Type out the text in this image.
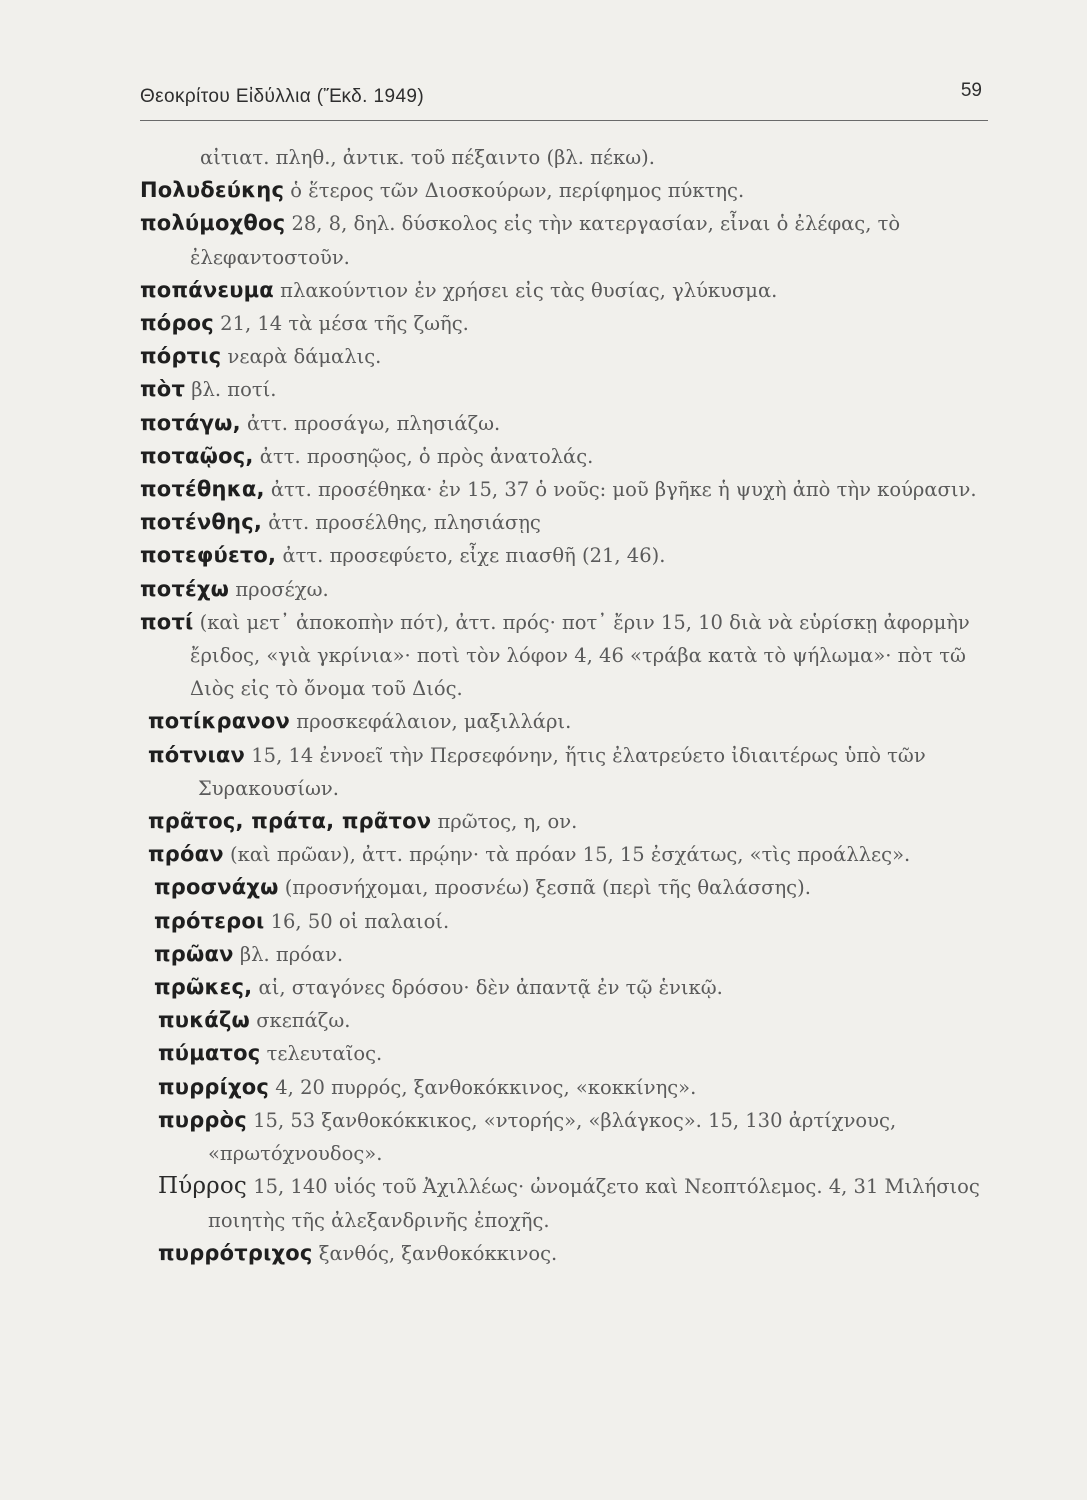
Θεοκρίτου Εἰδύλλια (Ἔκδ. 1949)	59
αἰτιατ. πληθ., ἀντικ. τοῦ πέξαιντο (βλ. πέκω).
Πολυδεύκης ὁ ἕτερος τῶν Διοσκούρων, περίφημος πύκτης.
πολύμοχθος 28, 8, δηλ. δύσκολος εἰς τὴν κατεργασίαν, εἶναι ὁ ἐλέφας, τὸ ἐλεφαντοστοῦν.
ποπάνευμα πλακούντιον ἐν χρήσει εἰς τὰς θυσίας, γλύκυσμα.
πόρος 21, 14 τὰ μέσα τῆς ζωῆς.
πόρτις νεαρὰ δάμαλις.
πὸτ βλ. ποτί.
ποτάγω, ἀττ. προσάγω, πλησιάζω.
ποταῷος, ἀττ. προσηῷος, ὁ πρὸς ἀνατολάς.
ποτέθηκα, ἀττ. προσέθηκα· ἐν 15, 37 ὁ νοῦς: μοῦ βγῆκε ἡ ψυχὴ ἀπὸ τὴν κούρασιν.
ποτένθης, ἀττ. προσέλθης, πλησιάσῃς
ποτεφύετο, ἀττ. προσεφύετο, εἶχε πιασθῆ (21, 46).
ποτέχω προσέχω.
ποτί (καὶ μετ᾿ ἀποκοπὴν πότ), ἀττ. πρός· ποτ᾿ ἔριν 15, 10 διὰ νὰ εὑρίσκῃ ἀφορμὴν ἔριδος, «γιὰ γκρίνια»· ποτὶ τὸν λόφον 4, 46 «τράβα κατὰ τὸ ψήλωμα»· πὸτ τῶ Διὸς εἰς τὸ ὄνομα τοῦ Διός.
ποτίκρανον προσκεφάλαιον, μαξιλλάρι.
πότνιαν 15, 14 ἐννοεῖ τὴν Περσεφόνην, ἥτις ἐλατρεύετο ἰδιαιτέρως ὑπὸ τῶν Συρακουσίων.
πρᾶτος, πράτα, πρᾶτον πρῶτος, η, ον.
πρόαν (καὶ πρῶαν), ἀττ. πρῴην· τὰ πρόαν 15, 15 ἐσχάτως, «τὶς προάλλες».
προσνάχω (προσνήχομαι, προσνέω) ξεσπᾶ (περὶ τῆς θαλάσσης).
πρότεροι 16, 50 οἱ παλαιοί.
πρῶαν βλ. πρόαν.
πρῶκες, αἱ, σταγόνες δρόσου· δὲν ἀπαντᾷ ἐν τῷ ἑνικῷ.
πυκάζω σκεπάζω.
πύματος τελευταῖος.
πυρρίχος 4, 20 πυρρός, ξανθοκόκκινος, «κοκκίνης».
πυρρὸς 15, 53 ξανθοκόκκικος, «ντορής», «βλάγκος». 15, 130 ἀρτίχνους, «πρωτόχνουδος».
Πύρρος 15, 140 υἱός τοῦ Ἀχιλλέως· ὠνομάζετο καὶ Νεοπτόλεμος. 4, 31 Μιλήσιος ποιητὴς τῆς ἀλεξανδρινῆς ἐποχῆς.
πυρρότριχος ξανθός, ξανθοκόκκινος.
